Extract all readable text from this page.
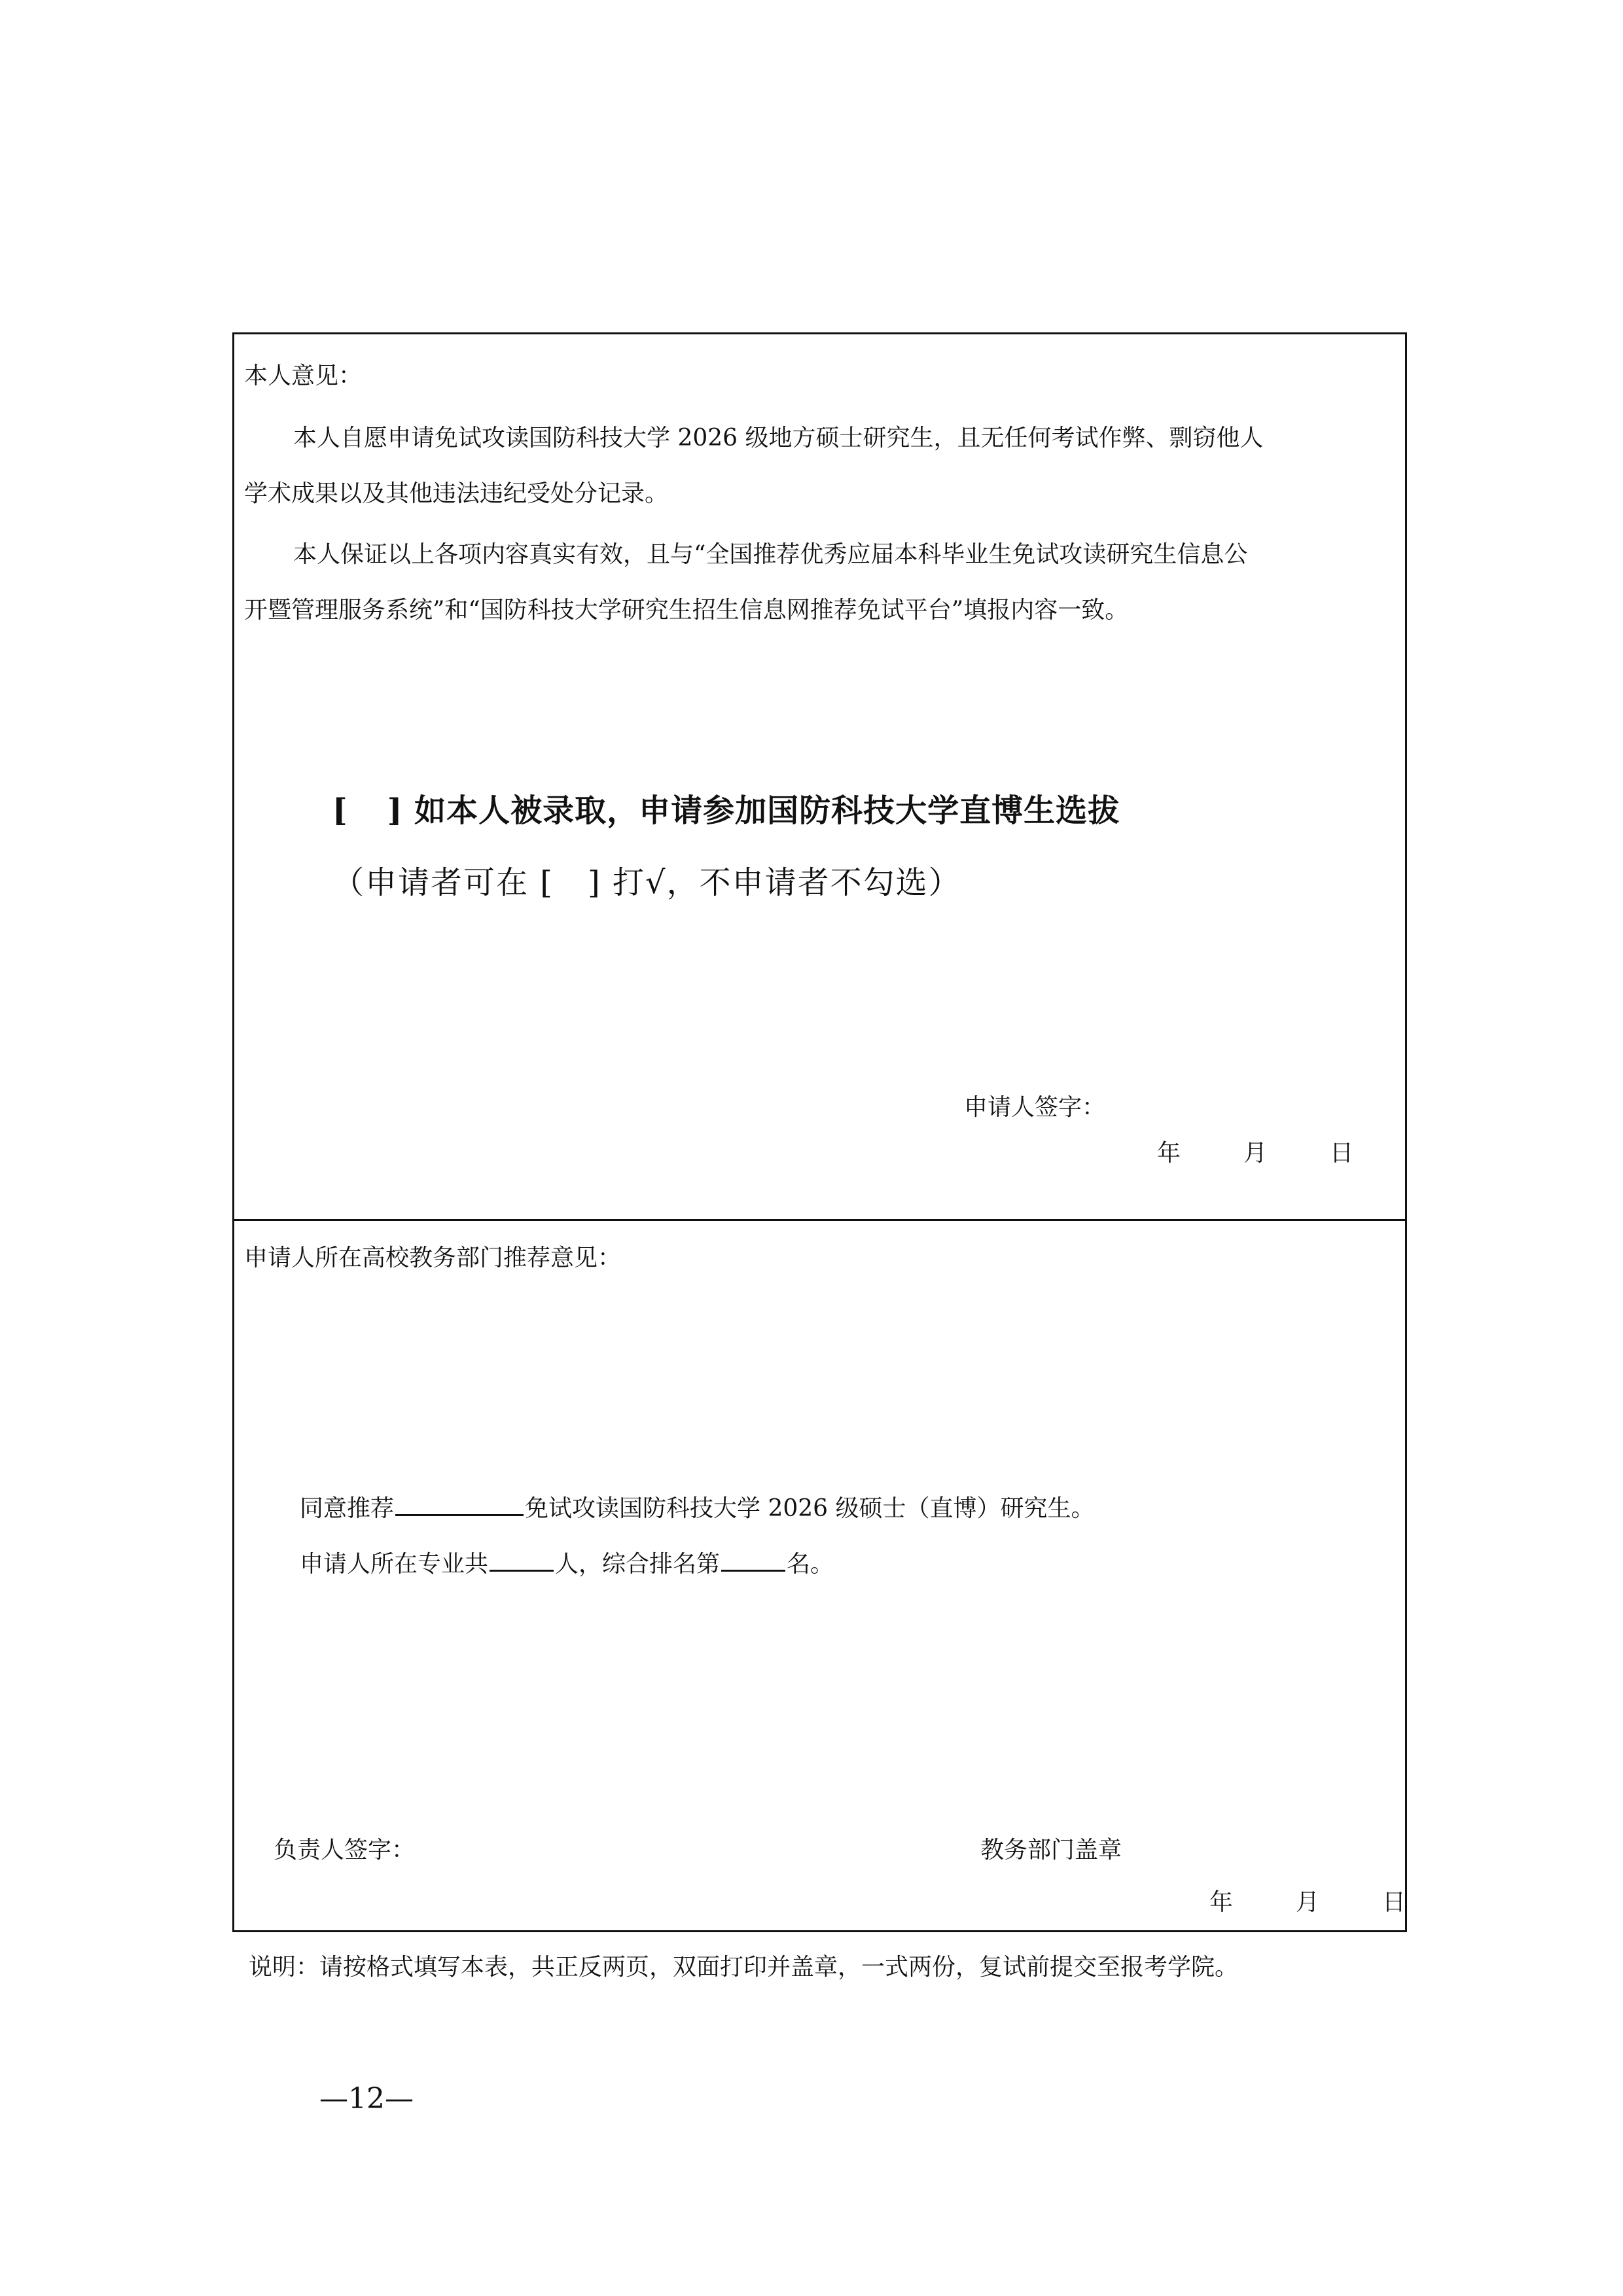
本人意见：
本人自愿申请免试攻读国防科技大学 2026 级地方硕士研究生，且无任何考试作弊、剽窃他人
学术成果以及其他违法违纪受处分记录。
本人保证以上各项内容真实有效，且与“全国推荐优秀应届本科毕业生免试攻读研究生信息公
开暨管理服务系统”和“国防科技大学研究生招生信息网推荐免试平台”填报内容一致。
[ ] 如本人被录取，申请参加国防科技大学直博生选拔
（申请者可在 [ ] 打√，不申请者不勾选）
申请人签字：
年	月	日
申请人所在高校教务部门推荐意见：
同意推荐	免试攻读国防科技大学 2026 级硕士（直博）研究生。
申请人所在专业共	人，综合排名第	名。
负责人签字：	教务部门盖章
年	月	日
说明：请按格式填写本表，共正反两页，双面打印并盖章，一式两份，复试前提交至报考学院。
—12—
